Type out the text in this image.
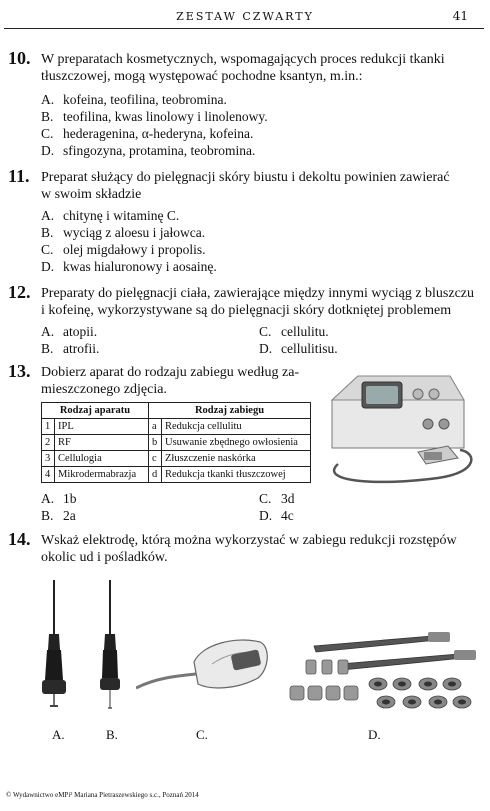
ZESTAW CZWARTY	41
10. W preparatach kosmetycznych, wspomagających proces redukcji tkanki
tłuszczowej, mogą występować pochodne ksantyn, m.in.:
A. kofeina, teofilina, teobromina.
B. teofilina, kwas linolowy i linolenowy.
C. hederagenina, α-hederyna, kofeina.
D. sfingozyna, protamina, teobromina.
11. Preparat służący do pielęgnacji skóry biustu i dekoltu powinien zawierać
w swoim składzie
A. chitynę i witaminę C.
B. wyciąg z aloesu i jałowca.
C. olej migdałowy i propolis.
D. kwas hialuronowy i aosainę.
12. Preparaty do pielęgnacji ciała, zawierające między innymi wyciąg z bluszczu
i kofeinę, wykorzystywane są do pielęgnacji skóry dotkniętej problemem
A. atopii.
B. atrofii.
C. cellulitu.
D. cellulitisu.
13. Dobierz aparat do rodzaju zabiegu według za-
mieszczonego zdjęcia.
Rodzaj aparatu		Rodzaj zabiegu	
1	IPL	a	Redukcja cellulitu
2	RF	b	Usuwanie zbędnego owłosienia
3	Cellulogia	c	Złuszczenie naskórka
4	Mikrodermabrazja	d	Redukcja tkanki tłuszczowej
A. 1b
B. 2a
C. 3d
D. 4c
14. Wskaż elektrodę, którą można wykorzystać w zabiegu redukcji rozstępów
okolic ud i pośladków.
A.	B.	C.	D.
© Wydawnictwo eMPi² Mariana Pietraszewskiego s.c., Poznań 2014
